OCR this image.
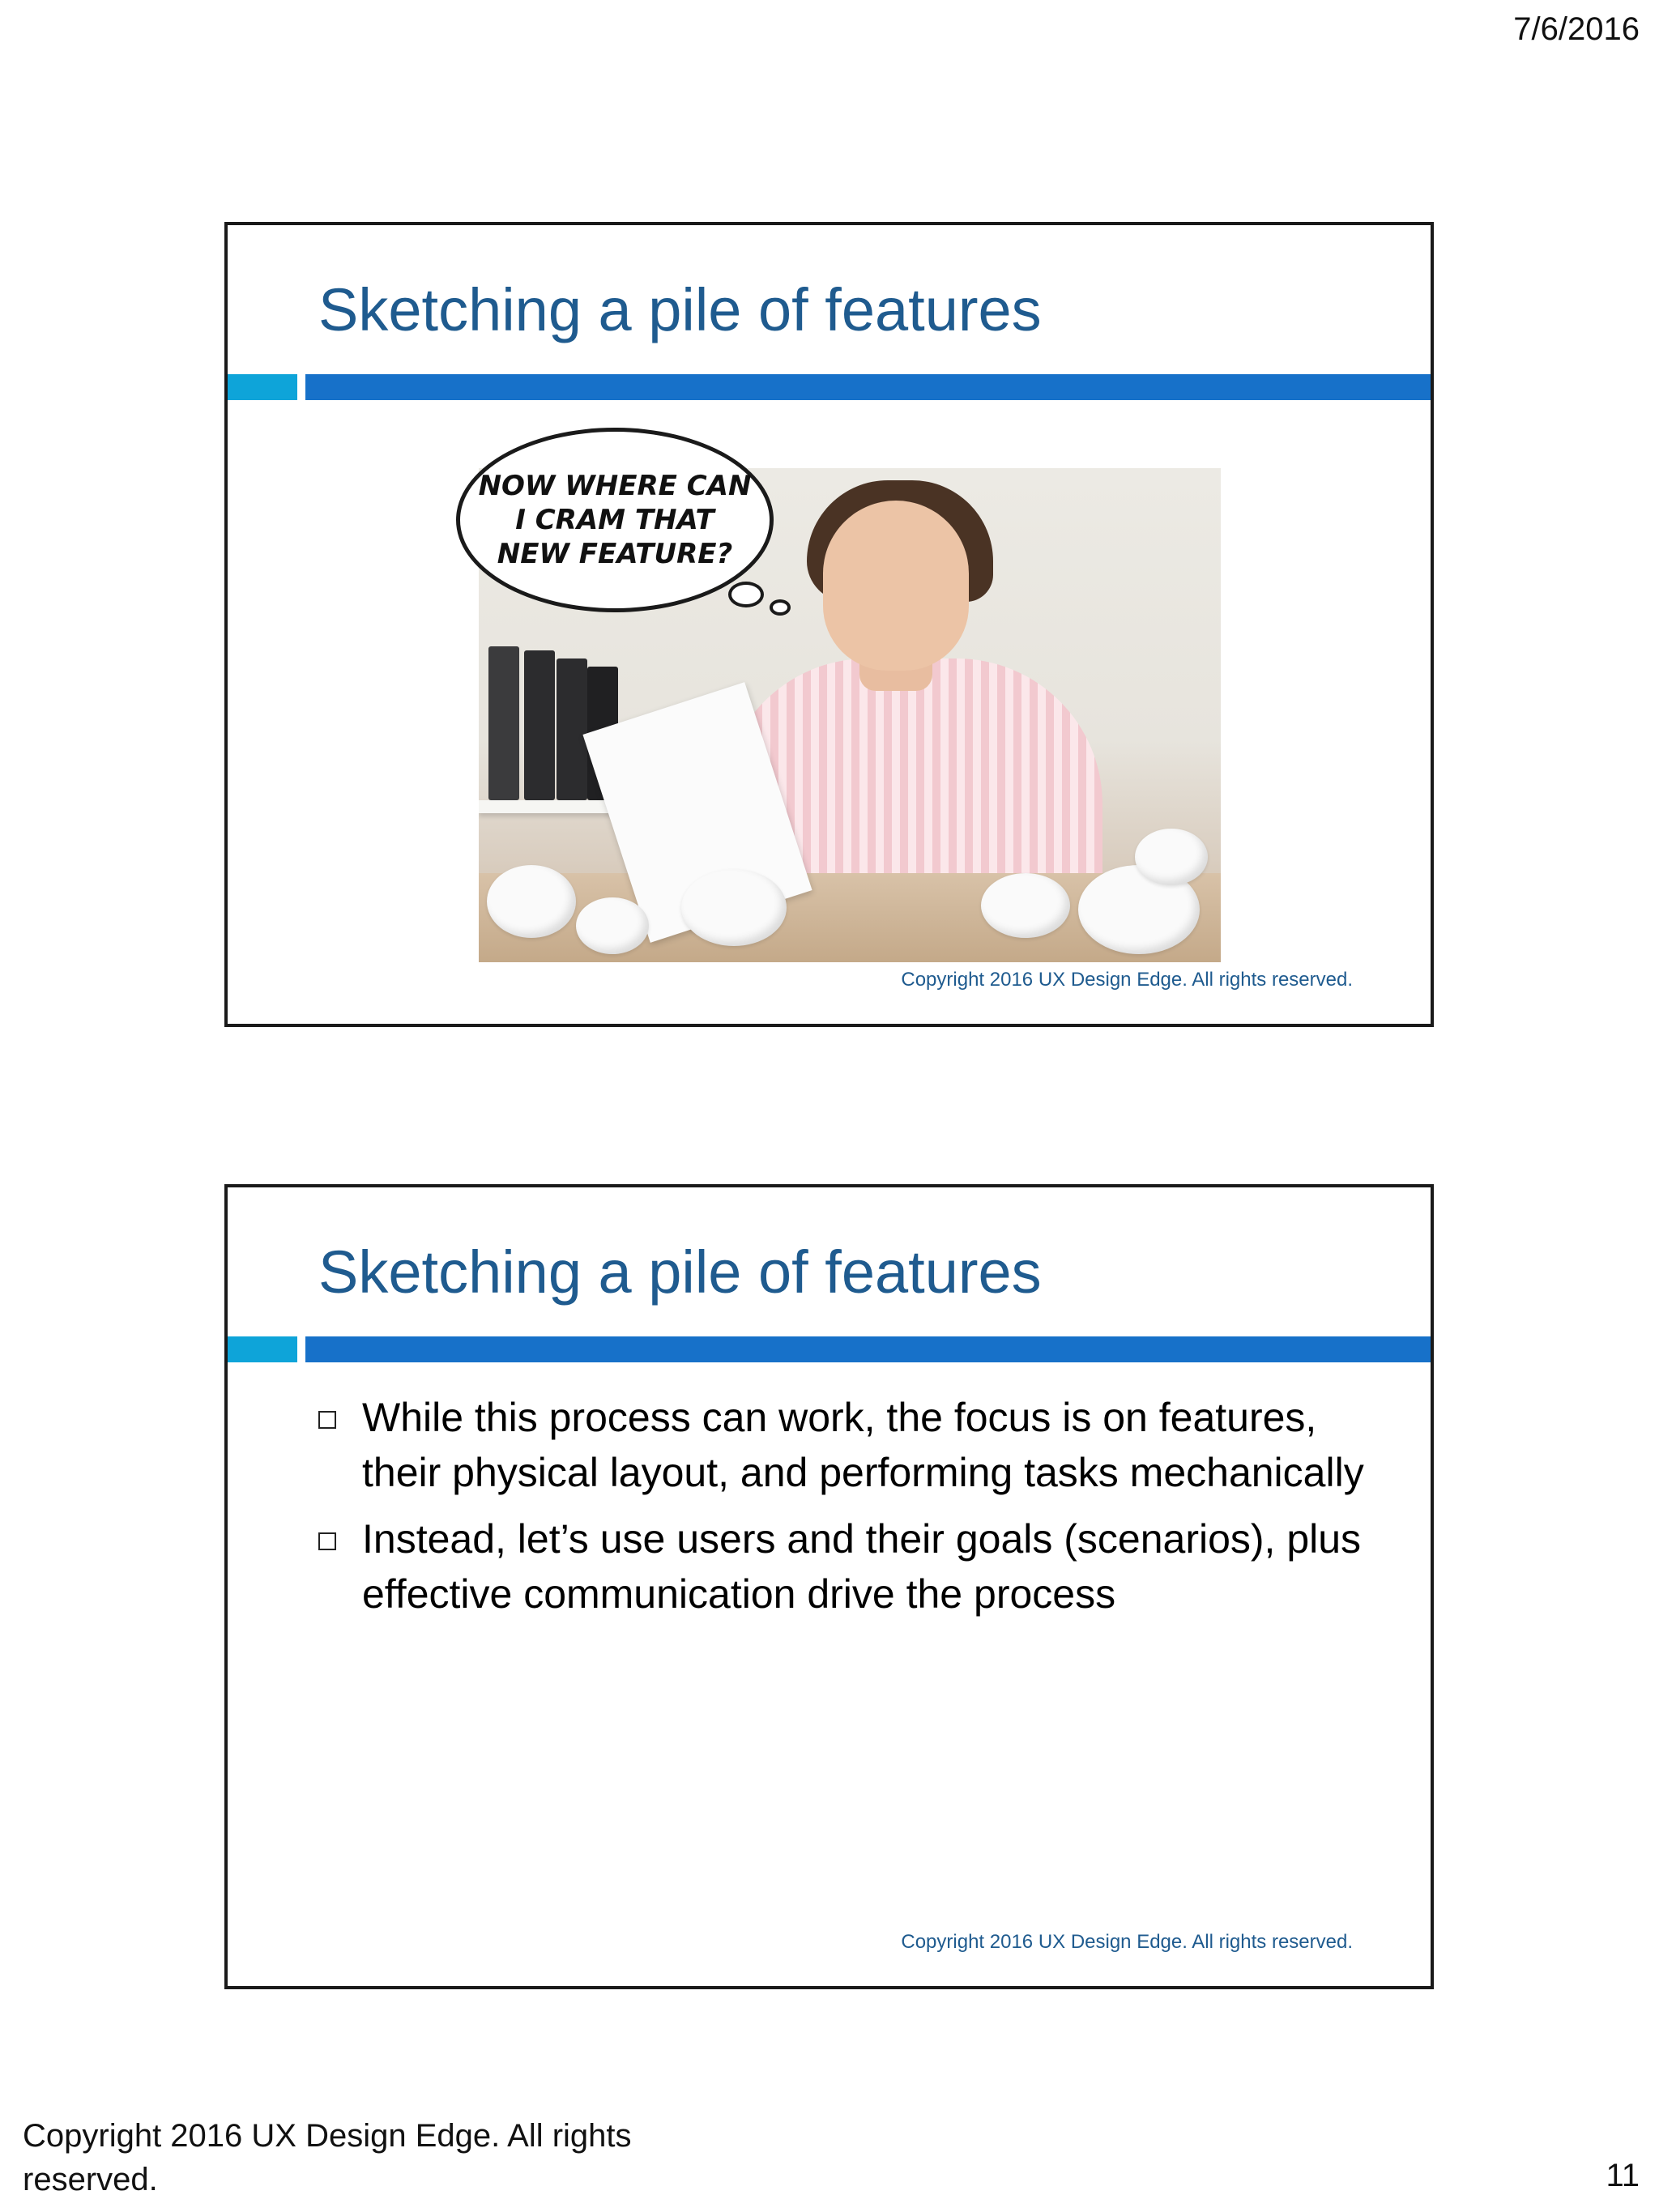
7/6/2016
Sketching a pile of features
NOW WHERE CAN
I CRAM THAT
NEW FEATURE?
Copyright 2016 UX Design Edge. All rights reserved.
Sketching a pile of features
While this process can work, the focus is on features, their physical layout, and performing tasks mechanically
Instead, let’s use users and their goals (scenarios), plus effective communication drive the process
Copyright 2016 UX Design Edge. All rights reserved.
Copyright 2016 UX Design Edge. All rights reserved.	11
